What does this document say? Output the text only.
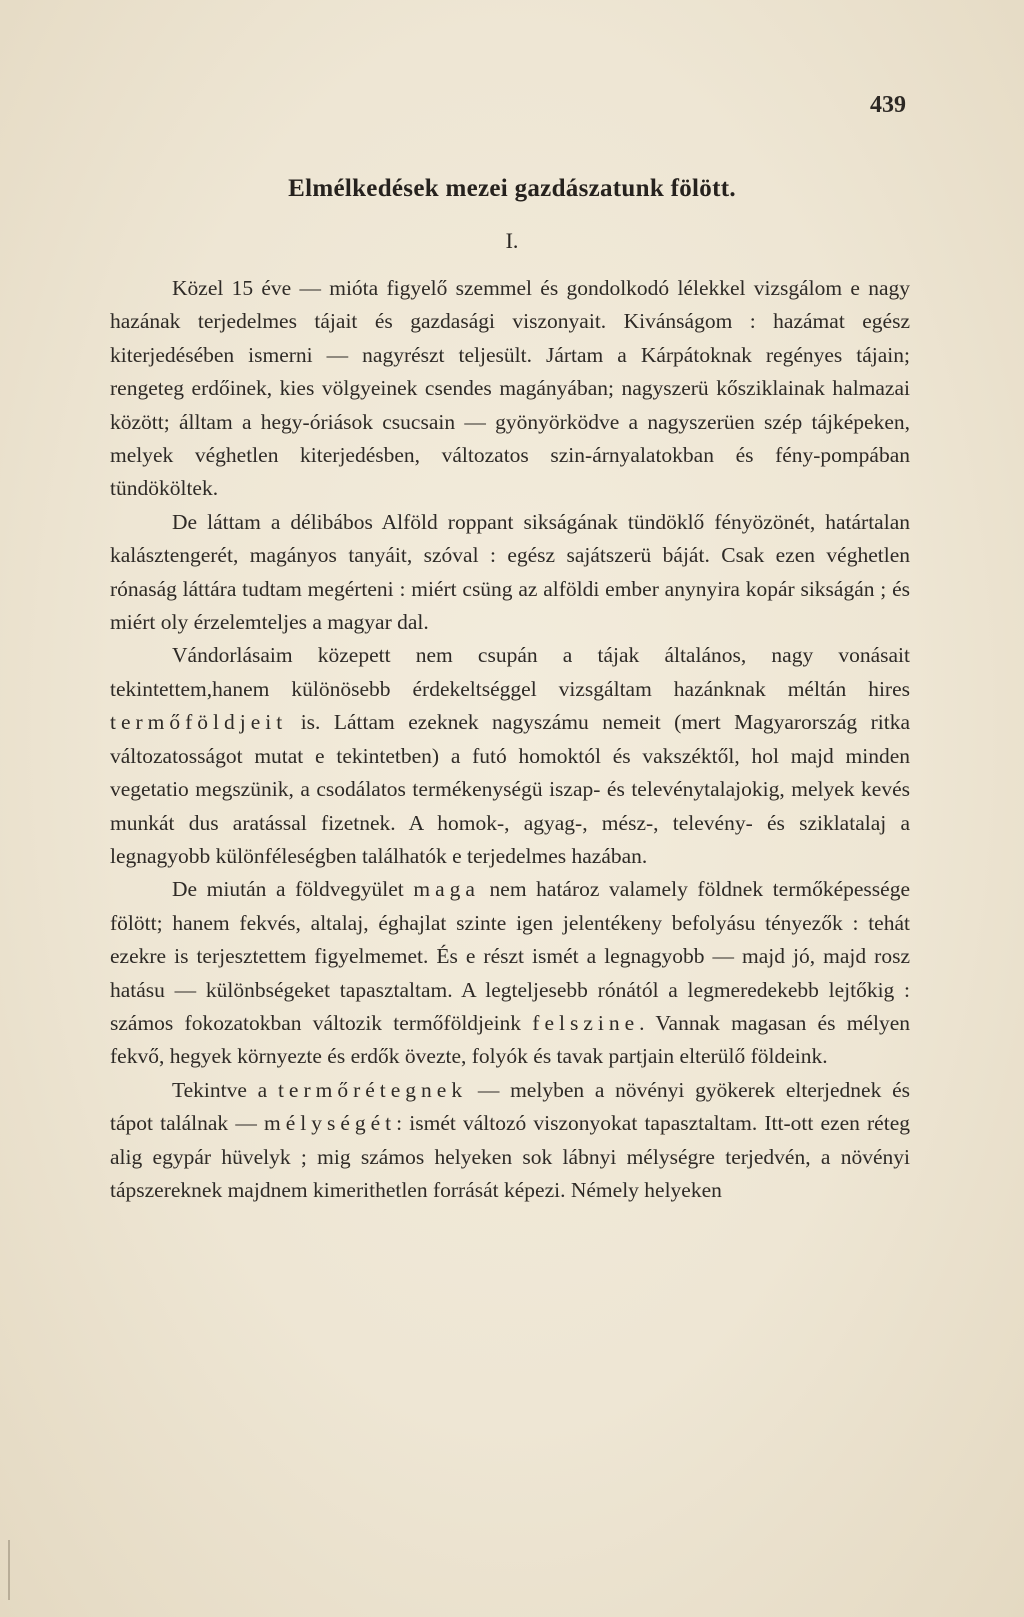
439
Elmélkedések mezei gazdászatunk fölött.
I.

Közel 15 éve — mióta figyelő szemmel és gondolkodó lélekkel vizsgálom e nagy hazának terjedelmes tájait és gazdasági viszonyait. Kivánságom : hazámat egész kiterjedésében ismerni — nagyrészt teljesült. Jártam a Kárpátoknak regényes tájain; rengeteg erdőinek, kies völgyeinek csendes magányában; nagyszerü kősziklainak halmazai között; álltam a hegy-óriások csucsain — gyönyörködve a nagyszerüen szép tájképeken, melyek véghetlen kiterjedésben, változatos szin-árnyalatokban és fény-pompában tündököltek.

De láttam a délibábos Alföld roppant sikságának tündöklő fényözönét, határtalan kalásztengerét, magányos tanyáit, szóval : egész sajátszerü báját. Csak ezen véghetlen rónaság láttára tudtam megérteni : miért csüng az alföldi ember anynyira kopár sikságán ; és miért oly érzelemteljes a magyar dal.

Vándorlásaim közepett nem csupán a tájak általános, nagy vonásait tekintettem,hanem különösebb érdekeltséggel vizsgáltam hazánknak méltán hires termőföldjeit is. Láttam ezeknek nagyszámu nemeit (mert Magyarország ritka változatosságot mutat e tekintetben) a futó homoktól és vakszéktől, hol majd minden vegetatio megszünik, a csodálatos termékenységü iszap- és televénytalajokig, melyek kevés munkát dus aratással fizetnek. A homok-, agyag-, mész-, televény- és sziklatalaj a legnagyobb különféleségben találhatók e terjedelmes hazában.

De miután a földvegyület maga nem határoz valamely földnek termőképessége fölött; hanem fekvés, altalaj, éghajlat szinte igen jelentékeny befolyásu tényezők : tehát ezekre is terjesztettem figyelmemet. És e részt ismét a legnagyobb — majd jó, majd rosz hatásu — különbségeket tapasztaltam. A legteljesebb rónától a legmeredekebb lejtőkig : számos fokozatokban változik termőföldjeink felszine. Vannak magasan és mélyen fekvő, hegyek környezte és erdők övezte, folyók és tavak partjain elterülő földeink.

Tekintve a termőrétegnek — melyben a növényi gyökerek elterjednek és tápot találnak — mélységét: ismét változó viszonyokat tapasztaltam. Itt-ott ezen réteg alig egypár hüvelyk ; mig számos helyeken sok lábnyi mélységre terjedvén, a növényi tápszereknek majdnem kimerithetlen forrását képezi. Némely helyeken
